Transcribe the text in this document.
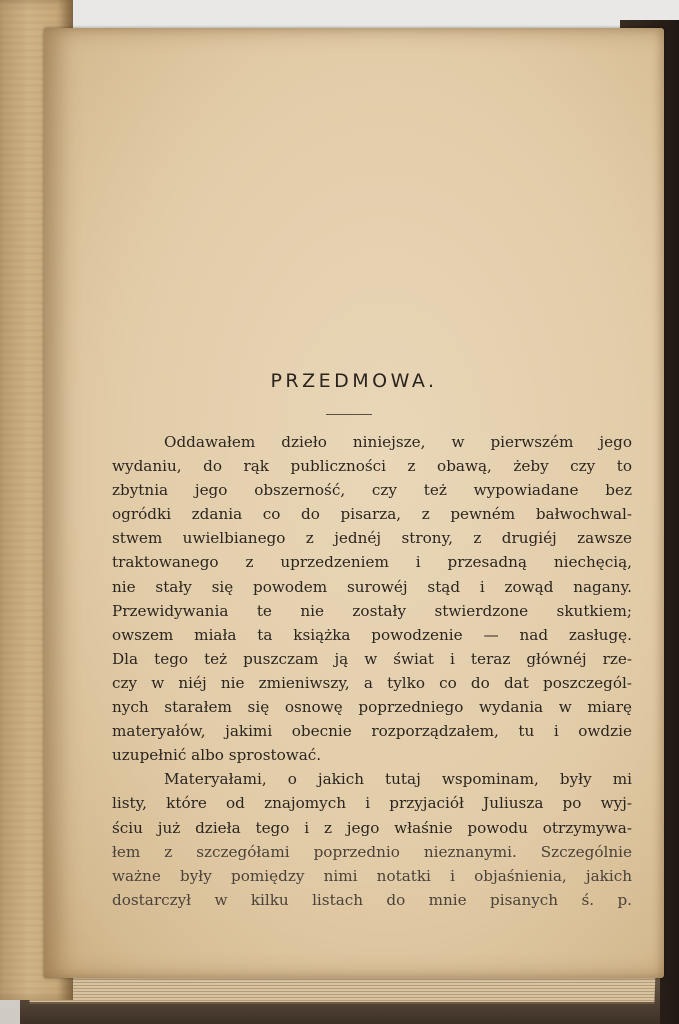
PRZEDMOWA.
Oddawałem dzieło niniejsze, w pierwszém jego
wydaniu, do rąk publiczności z obawą, żeby czy to
zbytnia jego obszerność, czy też wypowiadane bez
ogródki zdania co do pisarza, z pewném bałwochwal-
stwem uwielbianego z jednéj strony, z drugiéj zawsze
traktowanego z uprzedzeniem i przesadną niechęcią,
nie stały się powodem surowéj stąd i zowąd nagany.
Przewidywania te nie zostały stwierdzone skutkiem;
owszem miała ta książka powodzenie — nad zasługę.
Dla tego też puszczam ją w świat i teraz głównéj rze-
czy w niéj nie zmieniwszy, a tylko co do dat poszczegól-
nych starałem się osnowę poprzedniego wydania w miarę
materyałów, jakimi obecnie rozporządzałem, tu i owdzie
uzupełnić albo sprostować.
Materyałami, o jakich tutaj wspominam, były mi
listy, które od znajomych i przyjaciół Juliusza po wyj-
ściu już dzieła tego i z jego właśnie powodu otrzymywa-
łem z szczegółami poprzednio nieznanymi. Szczególnie
ważne były pomiędzy nimi notatki i objaśnienia, jakich
dostarczył w kilku listach do mnie pisanych ś. p.
